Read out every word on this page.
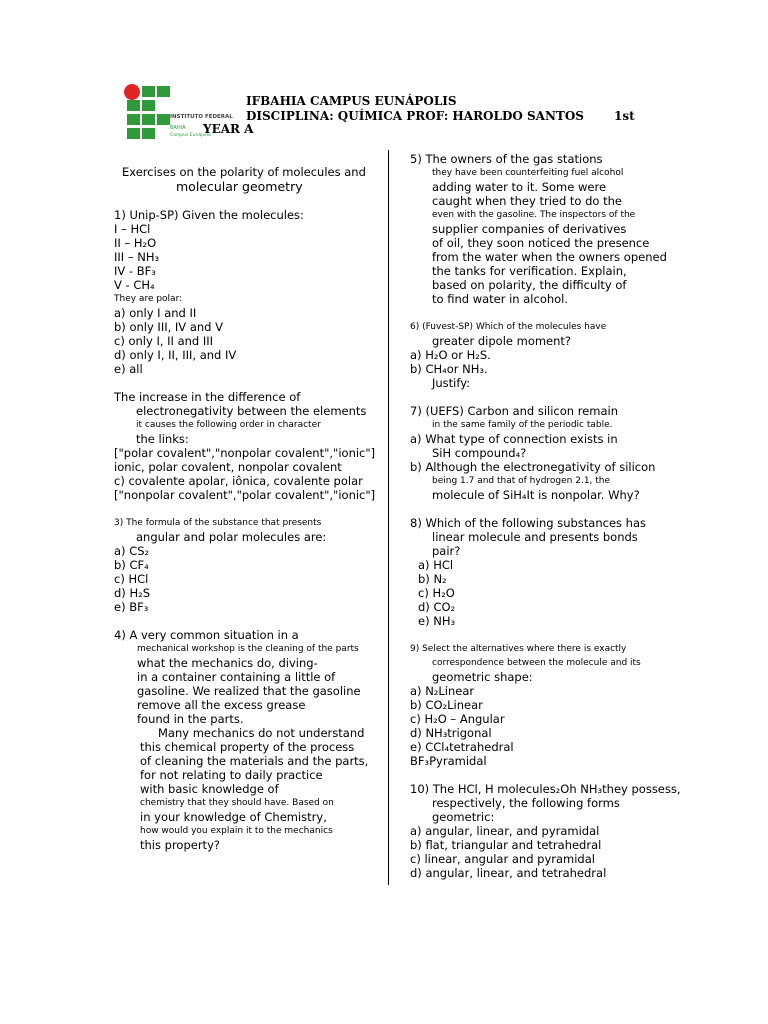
INSTITUTO FEDERAL
BAHIA
Campus Eunápolis
IFBAHIA CAMPUS EUNÁPOLIS
DISCIPLINA: QUÍMICA PROF: HAROLDO SANTOS	1st
YEAR A
Exercises on the polarity of molecules and
molecular geometry
1) Unip-SP) Given the molecules:
I – HCl
II – H₂O
III – NH₃
IV - BF₃
V - CH₄
They are polar:
a) only I and II
b) only III, IV and V
c) only I, II and III
d) only I, II, III, and IV
e) all
The increase in the difference of
electronegativity between the elements
it causes the following order in character
the links:
["polar covalent","nonpolar covalent","ionic"]
ionic, polar covalent, nonpolar covalent
c) covalente apolar, iônica, covalente polar
["nonpolar covalent","polar covalent","ionic"]
3) The formula of the substance that presents
angular and polar molecules are:
a) CS₂
b) CF₄
c) HCl
d) H₂S
e) BF₃
4) A very common situation in a
mechanical workshop is the cleaning of the parts
what the mechanics do, diving-
in a container containing a little of
gasoline. We realized that the gasoline
remove all the excess grease
found in the parts.
Many mechanics do not understand
this chemical property of the process
of cleaning the materials and the parts,
for not relating to daily practice
with basic knowledge of
chemistry that they should have. Based on
in your knowledge of Chemistry,
how would you explain it to the mechanics
this property?
5) The owners of the gas stations
they have been counterfeiting fuel alcohol
adding water to it. Some were
caught when they tried to do the
even with the gasoline. The inspectors of the
supplier companies of derivatives
of oil, they soon noticed the presence
from the water when the owners opened
the tanks for verification. Explain,
based on polarity, the difficulty of
to find water in alcohol.
6) (Fuvest-SP) Which of the molecules have
greater dipole moment?
a) H₂O or H₂S.
b) CH₄or NH₃.
Justify:
7) (UEFS) Carbon and silicon remain
in the same family of the periodic table.
a) What type of connection exists in
SiH compound₄?
b) Although the electronegativity of silicon
being 1.7 and that of hydrogen 2.1, the
molecule of SiH₄It is nonpolar. Why?
8) Which of the following substances has
linear molecule and presents bonds
pair?
a) HCl
b) N₂
c) H₂O
d) CO₂
e) NH₃
9) Select the alternatives where there is exactly
correspondence between the molecule and its
geometric shape:
a) N₂Linear
b) CO₂Linear
c) H₂O – Angular
d) NH₃trigonal
e) CCl₄tetrahedral
BF₃Pyramidal
10) The HCl, H molecules₂Oh NH₃they possess,
respectively, the following forms
geometric:
a) angular, linear, and pyramidal
b) flat, triangular and tetrahedral
c) linear, angular and pyramidal
d) angular, linear, and tetrahedral
